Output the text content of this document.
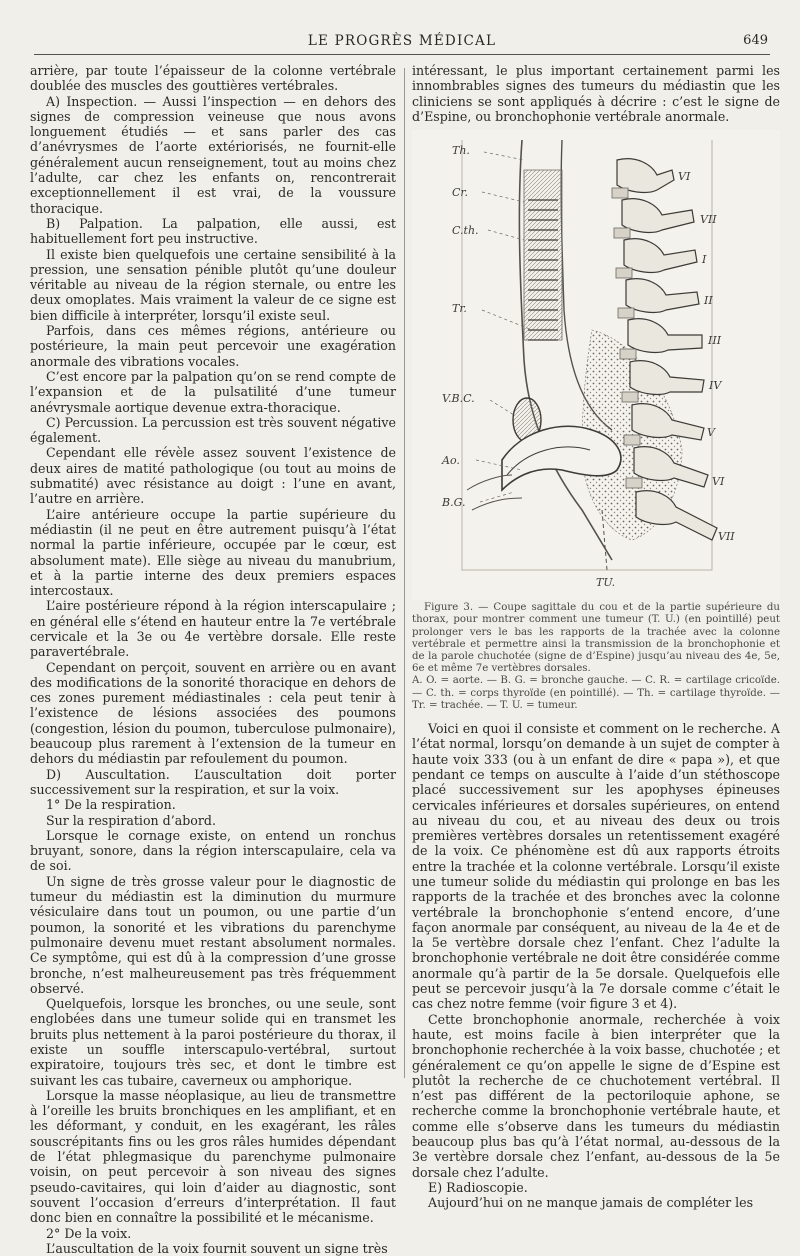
LE PROGRÈS MÉDICAL	649

arrière, par toute l’épaisseur de la colonne vertébrale doublée des muscles des gouttières vertébrales.

A) Inspection. — Aussi l’inspection — en dehors des signes de compression veineuse que nous avons longuement étudiés — et sans parler des cas d’anévrysmes de l’aorte extériorisés, ne fournit-elle généralement aucun renseignement, tout au moins chez l’adulte, car chez les enfants on, rencontrerait exceptionnellement il est vrai, de la voussure thoracique.

B) Palpation. La palpation, elle aussi, est habituellement fort peu instructive.

Il existe bien quelquefois une certaine sensibilité à la pression, une sensation pénible plutôt qu’une douleur véritable au niveau de la région sternale, ou entre les deux omoplates. Mais vraiment la valeur de ce signe est bien difficile à interpréter, lorsqu’il existe seul.

Parfois, dans ces mêmes régions, antérieure ou postérieure, la main peut percevoir une exagération anormale des vibrations vocales.

C’est encore par la palpation qu’on se rend compte de l’expansion et de la pulsatilité d’une tumeur anévrysmale aortique devenue extra-thoracique.

C) Percussion. La percussion est très souvent négative également.

Cependant elle révèle assez souvent l’existence de deux aires de matité pathologique (ou tout au moins de submatité) avec résistance au doigt : l’une en avant, l’autre en arrière.

L’aire antérieure occupe la partie supérieure du médiastin (il ne peut en être autrement puisqu’à l’état normal la partie inférieure, occupée par le cœur, est absolument mate). Elle siège au niveau du manubrium, et à la partie interne des deux premiers espaces intercostaux.

L’aire postérieure répond à la région interscapulaire ; en général elle s’étend en hauteur entre la 7e vertébrale cervicale et la 3e ou 4e vertèbre dorsale. Elle reste paravertébrale.

Cependant on perçoit, souvent en arrière ou en avant des modifications de la sonorité thoracique en dehors de ces zones purement médiastinales : cela peut tenir à l’existence de lésions associées des poumons (congestion, lésion du poumon, tuberculose pulmonaire), beaucoup plus rarement à l’extension de la tumeur en dehors du médiastin par refoulement du poumon.

D) Auscultation. L’auscultation doit porter successivement sur la respiration, et sur la voix.

1° De la respiration.

Sur la respiration d’abord.

Lorsque le cornage existe, on entend un ronchus bruyant, sonore, dans la région interscapulaire, cela va de soi.

Un signe de très grosse valeur pour le diagnostic de tumeur du médiastin est la diminution du murmure vésiculaire dans tout un poumon, ou une partie d’un poumon, la sonorité et les vibrations du parenchyme pulmonaire devenu muet restant absolument normales. Ce symptôme, qui est dû à la compression d’une grosse bronche, n’est malheureusement pas très fréquemment observé.

Quelquefois, lorsque les bronches, ou une seule, sont englobées dans une tumeur solide qui en transmet les bruits plus nettement à la paroi postérieure du thorax, il existe un souffle interscapulo-vertébral, surtout expiratoire, toujours très sec, et dont le timbre est suivant les cas tubaire, caverneux ou amphorique.

Lorsque la masse néoplasique, au lieu de transmettre à l’oreille les bruits bronchiques en les amplifiant, et en les déformant, y conduit, en les exagérant, les râles souscrépitants fins ou les gros râles humides dépendant de l’état phlegmasique du parenchyme pulmonaire voisin, on peut percevoir à son niveau des signes pseudo-cavitaires, qui loin d’aider au diagnostic, sont souvent l’occasion d’erreurs d’interprétation. Il faut donc bien en connaître la possibilité et le mécanisme.

2° De la voix.

L’auscultation de la voix fournit souvent un signe très

intéressant, le plus important certainement parmi les innombrables signes des tumeurs du médiastin que les cliniciens se sont appliqués à décrire : c’est le signe de d’Espine, ou bronchophonie vertébrale anormale.

Th.
Cr.
C.th.
Tr.
V.B.C.
Ao.
B.G.
TU.
VI
VII
I
II
III
IV
V
VI
VII

Figure 3. — Coupe sagittale du cou et de la partie supérieure du thorax, pour montrer comment une tumeur (T. U.) (en pointillé) peut prolonger vers le bas les rapports de la trachée avec la colonne vertébrale et permettre ainsi la transmission de la bronchophonie et de la parole chuchotée (signe de d’Espine) jusqu’au niveau des 4e, 5e, 6e et même 7e vertèbres dorsales.

A. O. = aorte. — B. G. = bronche gauche. — C. R. = cartilage cricoïde. — C. th. = corps thyroïde (en pointillé). — Th. = cartilage thyroïde. — Tr. = trachée. — T. U. = tumeur.

Voici en quoi il consiste et comment on le recherche. A l’état normal, lorsqu’on demande à un sujet de compter à haute voix 333 (ou à un enfant de dire « papa »), et que pendant ce temps on ausculte à l’aide d’un stéthoscope placé successivement sur les apophyses épineuses cervicales inférieures et dorsales supérieures, on entend au niveau du cou, et au niveau des deux ou trois premières vertèbres dorsales un retentissement exagéré de la voix. Ce phénomène est dû aux rapports étroits entre la trachée et la colonne vertébrale. Lorsqu’il existe une tumeur solide du médiastin qui prolonge en bas les rapports de la trachée et des bronches avec la colonne vertébrale la bronchophonie s’entend encore, d’une façon anormale par conséquent, au niveau de la 4e et de la 5e vertèbre dorsale chez l’enfant. Chez l’adulte la bronchophonie vertébrale ne doit être considérée comme anormale qu’à partir de la 5e dorsale. Quelquefois elle peut se percevoir jusqu’à la 7e dorsale comme c’était le cas chez notre femme (voir figure 3 et 4).

Cette bronchophonie anormale, recherchée à voix haute, est moins facile à bien interpréter que la bronchophonie recherchée à la voix basse, chuchotée ; et généralement ce qu’on appelle le signe de d’Espine est plutôt la recherche de ce chuchotement vertébral. Il n’est pas différent de la pectoriloquie aphone, se recherche comme la bronchophonie vertébrale haute, et comme elle s’observe dans les tumeurs du médiastin beaucoup plus bas qu’à l’état normal, au-dessous de la 3e vertèbre dorsale chez l’enfant, au-dessous de la 5e dorsale chez l’adulte.

E) Radioscopie.

Aujourd’hui on ne manque jamais de compléter les
